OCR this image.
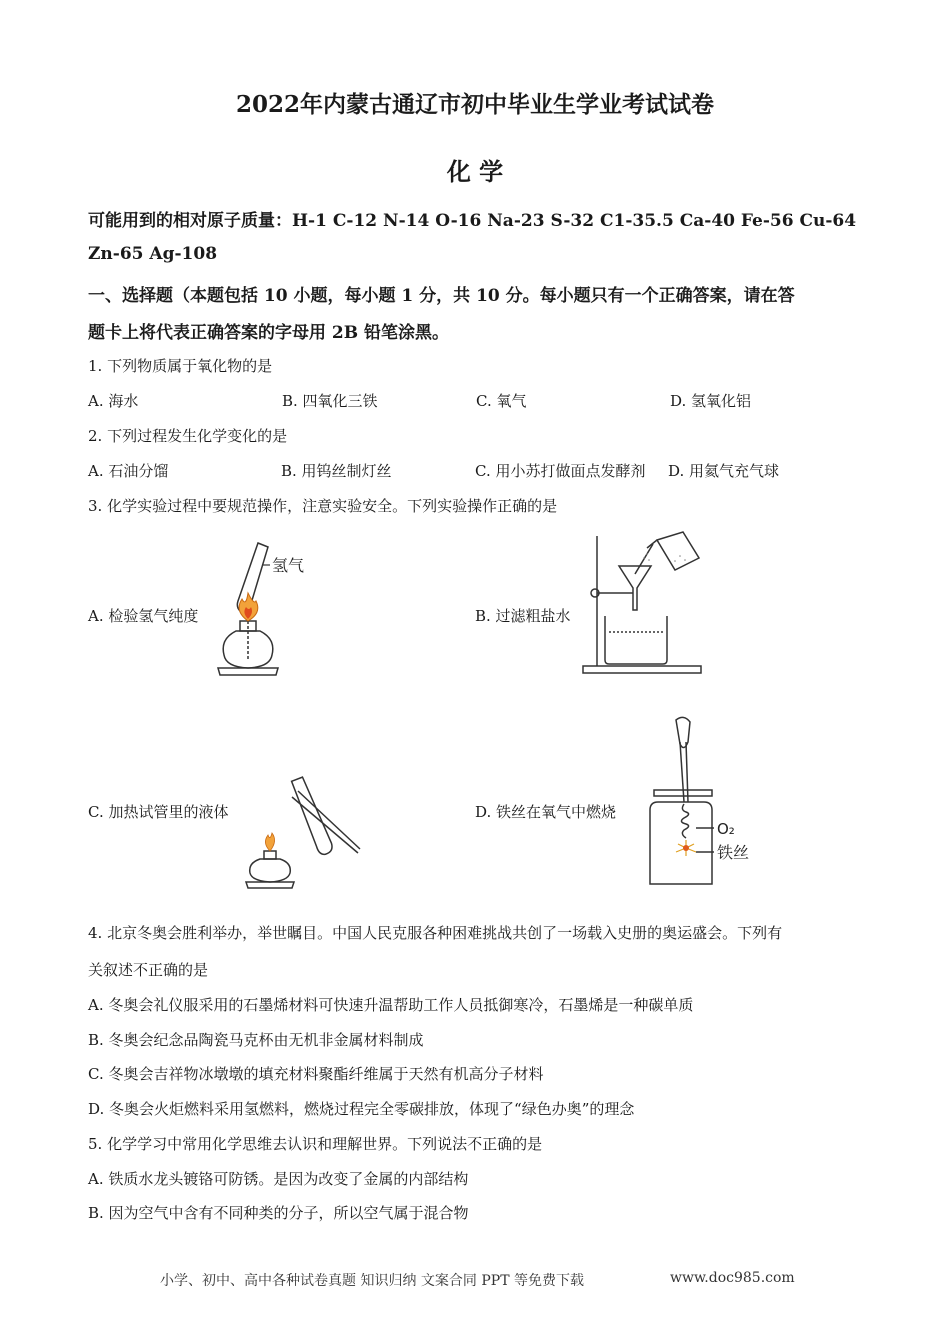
2022年内蒙古通辽市初中毕业生学业考试试卷
化 学
可能用到的相对原子质量：H-1 C-12 N-14 O-16 Na-23 S-32 C1-35.5 Ca-40 Fe-56 Cu-64
Zn-65 Ag-108
一、选择题（本题包括 10 小题，每小题 1 分，共 10 分。每小题只有一个正确答案，请在答
题卡上将代表正确答案的字母用 2B 铅笔涂黑。
1. 下列物质属于氧化物的是
A. 海水	B. 四氧化三铁	C. 氧气	D. 氢氧化铝
2. 下列过程发生化学变化的是
A. 石油分馏	B. 用钨丝制灯丝	C. 用小苏打做面点发酵剂 D. 用氦气充气球
3. 化学实验过程中要规范操作，注意实验安全。下列实验操作正确的是
A. 检验氢气纯度	B. 过滤粗盐水
C. 加热试管里的液体	D. 铁丝在氧气中燃烧
氢气
O₂
铁丝
4. 北京冬奥会胜利举办，举世瞩目。中国人民克服各种困难挑战共创了一场载入史册的奥运盛会。下列有
关叙述不正确的是
A. 冬奥会礼仪服采用的石墨烯材料可快速升温帮助工作人员抵御寒冷，石墨烯是一种碳单质
B. 冬奥会纪念品陶瓷马克杯由无机非金属材料制成
C. 冬奥会吉祥物冰墩墩的填充材料聚酯纤维属于天然有机高分子材料
D. 冬奥会火炬燃料采用氢燃料，燃烧过程完全零碳排放，体现了“绿色办奥”的理念
5. 化学学习中常用化学思维去认识和理解世界。下列说法不正确的是
A. 铁质水龙头镀铬可防锈。是因为改变了金属的内部结构
B. 因为空气中含有不同种类的分子，所以空气属于混合物
小学、初中、高中各种试卷真题 知识归纳 文案合同 PPT 等免费下载	www.doc985.com
